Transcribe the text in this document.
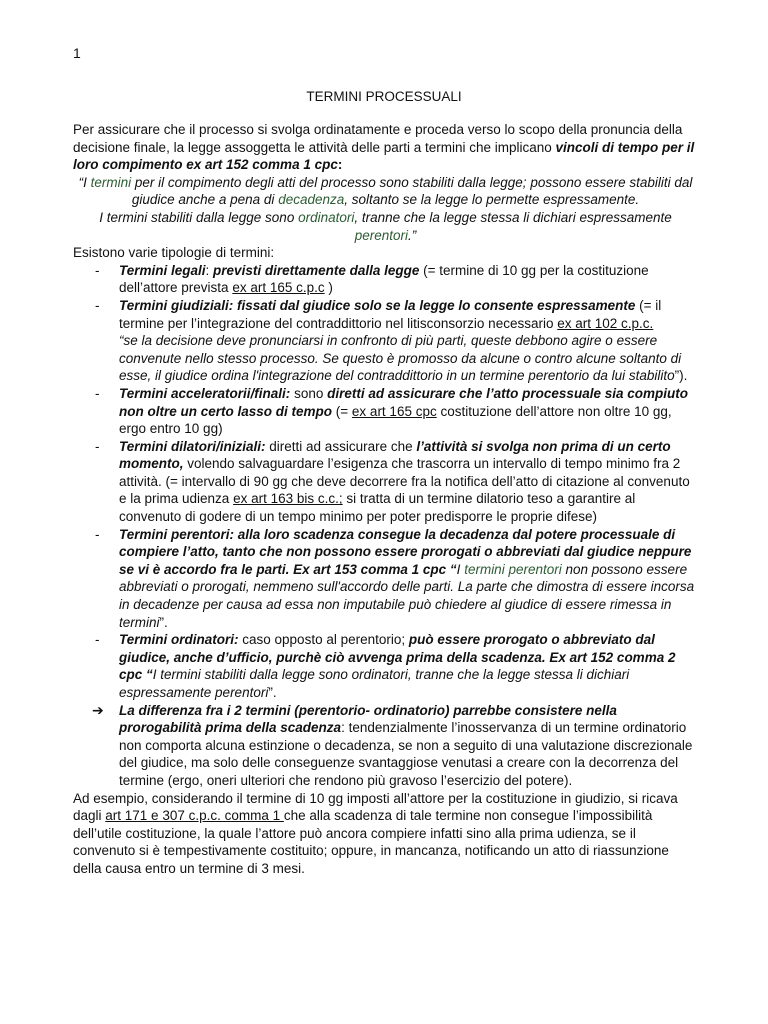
1
TERMINI PROCESSUALI

Per assicurare che il processo si svolga ordinatamente e proceda verso lo scopo della pronuncia della decisione finale, la legge assoggetta le attività delle parti a termini che implicano vincoli di tempo per il loro compimento ex art 152 comma 1 cpc:

“I termini per il compimento degli atti del processo sono stabiliti dalla legge; possono essere stabiliti dal giudice anche a pena di decadenza, soltanto se la legge lo permette espressamente.
I termini stabiliti dalla legge sono ordinatori, tranne che la legge stessa li dichiari espressamente perentori.”

Esistono varie tipologie di termini:

- Termini legali: previsti direttamente dalla legge (= termine di 10 gg per la costituzione dell’attore prevista ex art 165 c.p.c )
- Termini giudiziali: fissati dal giudice solo se la legge lo consente espressamente (= il termine per l’integrazione del contraddittorio nel litisconsorzio necessario ex art 102 c.p.c.
“se la decisione deve pronunciarsi in confronto di più parti, queste debbono agire o essere convenute nello stesso processo. Se questo è promosso da alcune o contro alcune soltanto di esse, il giudice ordina l'integrazione del contraddittorio in un termine perentorio da lui stabilito”).
- Termini acceleratorii/finali: sono diretti ad assicurare che l’atto processuale sia compiuto non oltre un certo lasso di tempo (= ex art 165 cpc costituzione dell’attore non oltre 10 gg, ergo entro 10 gg)
- Termini dilatori/iniziali: diretti ad assicurare che l’attività si svolga non prima di un certo momento, volendo salvaguardare l’esigenza che trascorra un intervallo di tempo minimo fra 2 attività. (= intervallo di 90 gg che deve decorrere fra la notifica dell’atto di citazione al convenuto e la prima udienza ex art 163 bis c.c.; si tratta di un termine dilatorio teso a garantire al convenuto di godere di un tempo minimo per poter predisporre le proprie difese)
- Termini perentori: alla loro scadenza consegue la decadenza dal potere processuale di compiere l’atto, tanto che non possono essere prorogati o abbreviati dal giudice neppure se vi è accordo fra le parti. Ex art 153 comma 1 cpc “I termini perentori non possono essere abbreviati o prorogati, nemmeno sull'accordo delle parti. La parte che dimostra di essere incorsa in decadenze per causa ad essa non imputabile può chiedere al giudice di essere rimessa in termini”.
- Termini ordinatori: caso opposto al perentorio; può essere prorogato o abbreviato dal giudice, anche d’ufficio, purchè ciò avvenga prima della scadenza. Ex art 152 comma 2 cpc “I termini stabiliti dalla legge sono ordinatori, tranne che la legge stessa li dichiari espressamente perentori”.
➔ La differenza fra i 2 termini (perentorio- ordinatorio) parrebbe consistere nella prorogabilità prima della scadenza: tendenzialmente l’inosservanza di un termine ordinatorio non comporta alcuna estinzione o decadenza, se non a seguito di una valutazione discrezionale del giudice, ma solo delle conseguenze svantaggiose venutasi a creare con la decorrenza del termine (ergo, oneri ulteriori che rendono più gravoso l’esercizio del potere).

Ad esempio, considerando il termine di 10 gg imposti all’attore per la costituzione in giudizio, si ricava dagli art 171 e 307 c.p.c. comma 1 che alla scadenza di tale termine non consegue l’impossibilità dell’utile costituzione, la quale l’attore può ancora compiere infatti sino alla prima udienza, se il convenuto si è tempestivamente costituito; oppure, in mancanza, notificando un atto di riassunzione della causa entro un termine di 3 mesi.
